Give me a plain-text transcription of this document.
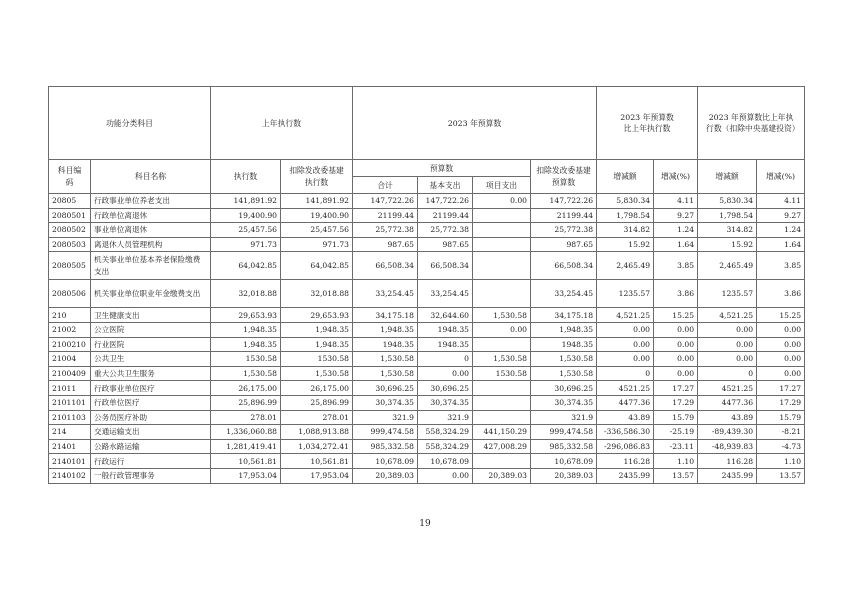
功能分类科目		上年执行数		2023 年预算数				2023 年预算数比上年执行数		2023 年预算数比上年执行数（扣除中央基建投资）	
科目编码	科目名称	执行数	扣除发改委基建执行数	预算数			扣除发改委基建预算数	增减额	增减(%)	增减额	增减(%)
				合计	基本支出	项目支出					
20805	行政事业单位养老支出	141,891.92	141,891.92	147,722.26	147,722.26	0.00	147,722.26	5,830.34	4.11	5,830.34	4.11
2080501	行政单位离退休	19,400.90	19,400.90	21199.44	21199.44		21199.44	1,798.54	9.27	1,798.54	9.27
2080502	事业单位离退休	25,457.56	25,457.56	25,772.38	25,772.38		25,772.38	314.82	1.24	314.82	1.24
2080503	离退休人员管理机构	971.73	971.73	987.65	987.65		987.65	15.92	1.64	15.92	1.64
2080505	机关事业单位基本养老保险缴费支出	64,042.85	64,042.85	66,508.34	66,508.34		66,508.34	2,465.49	3.85	2,465.49	3.85
2080506	机关事业单位职业年金缴费支出	32,018.88	32,018.88	33,254.45	33,254.45		33,254.45	1235.57	3.86	1235.57	3.86
210	卫生健康支出	29,653.93	29,653.93	34,175.18	32,644.60	1,530.58	34,175.18	4,521.25	15.25	4,521.25	15.25
21002	公立医院	1,948.35	1,948.35	1,948.35	1948.35	0.00	1,948.35	0.00	0.00	0.00	0.00
2100210	行业医院	1,948.35	1,948.35	1948.35	1948.35		1948.35	0.00	0.00	0.00	0.00
21004	公共卫生	1530.58	1530.58	1,530.58	0	1,530.58	1,530.58	0.00	0.00	0.00	0.00
2100409	重大公共卫生服务	1,530.58	1,530.58	1,530.58	0.00	1530.58	1,530.58	0	0.00	0	0.00
21011	行政事业单位医疗	26,175.00	26,175.00	30,696.25	30,696.25		30,696.25	4521.25	17.27	4521.25	17.27
2101101	行政单位医疗	25,896.99	25,896.99	30,374.35	30,374.35		30,374.35	4477.36	17.29	4477.36	17.29
2101103	公务员医疗补助	278.01	278.01	321.9	321.9		321.9	43.89	15.79	43.89	15.79
214	交通运输支出	1,336,060.88	1,088,913.88	999,474.58	558,324.29	441,150.29	999,474.58	-336,586.30	-25.19	-89,439.30	-8.21
21401	公路水路运输	1,281,419.41	1,034,272.41	985,332.58	558,324.29	427,008.29	985,332.58	-296,086.83	-23.11	-48,939.83	-4.73
2140101	行政运行	10,561.81	10,561.81	10,678.09	10,678.09		10,678.09	116.28	1.10	116.28	1.10
2140102	一般行政管理事务	17,953.04	17,953.04	20,389.03	0.00	20,389.03	20,389.03	2435.99	13.57	2435.99	13.57
19
